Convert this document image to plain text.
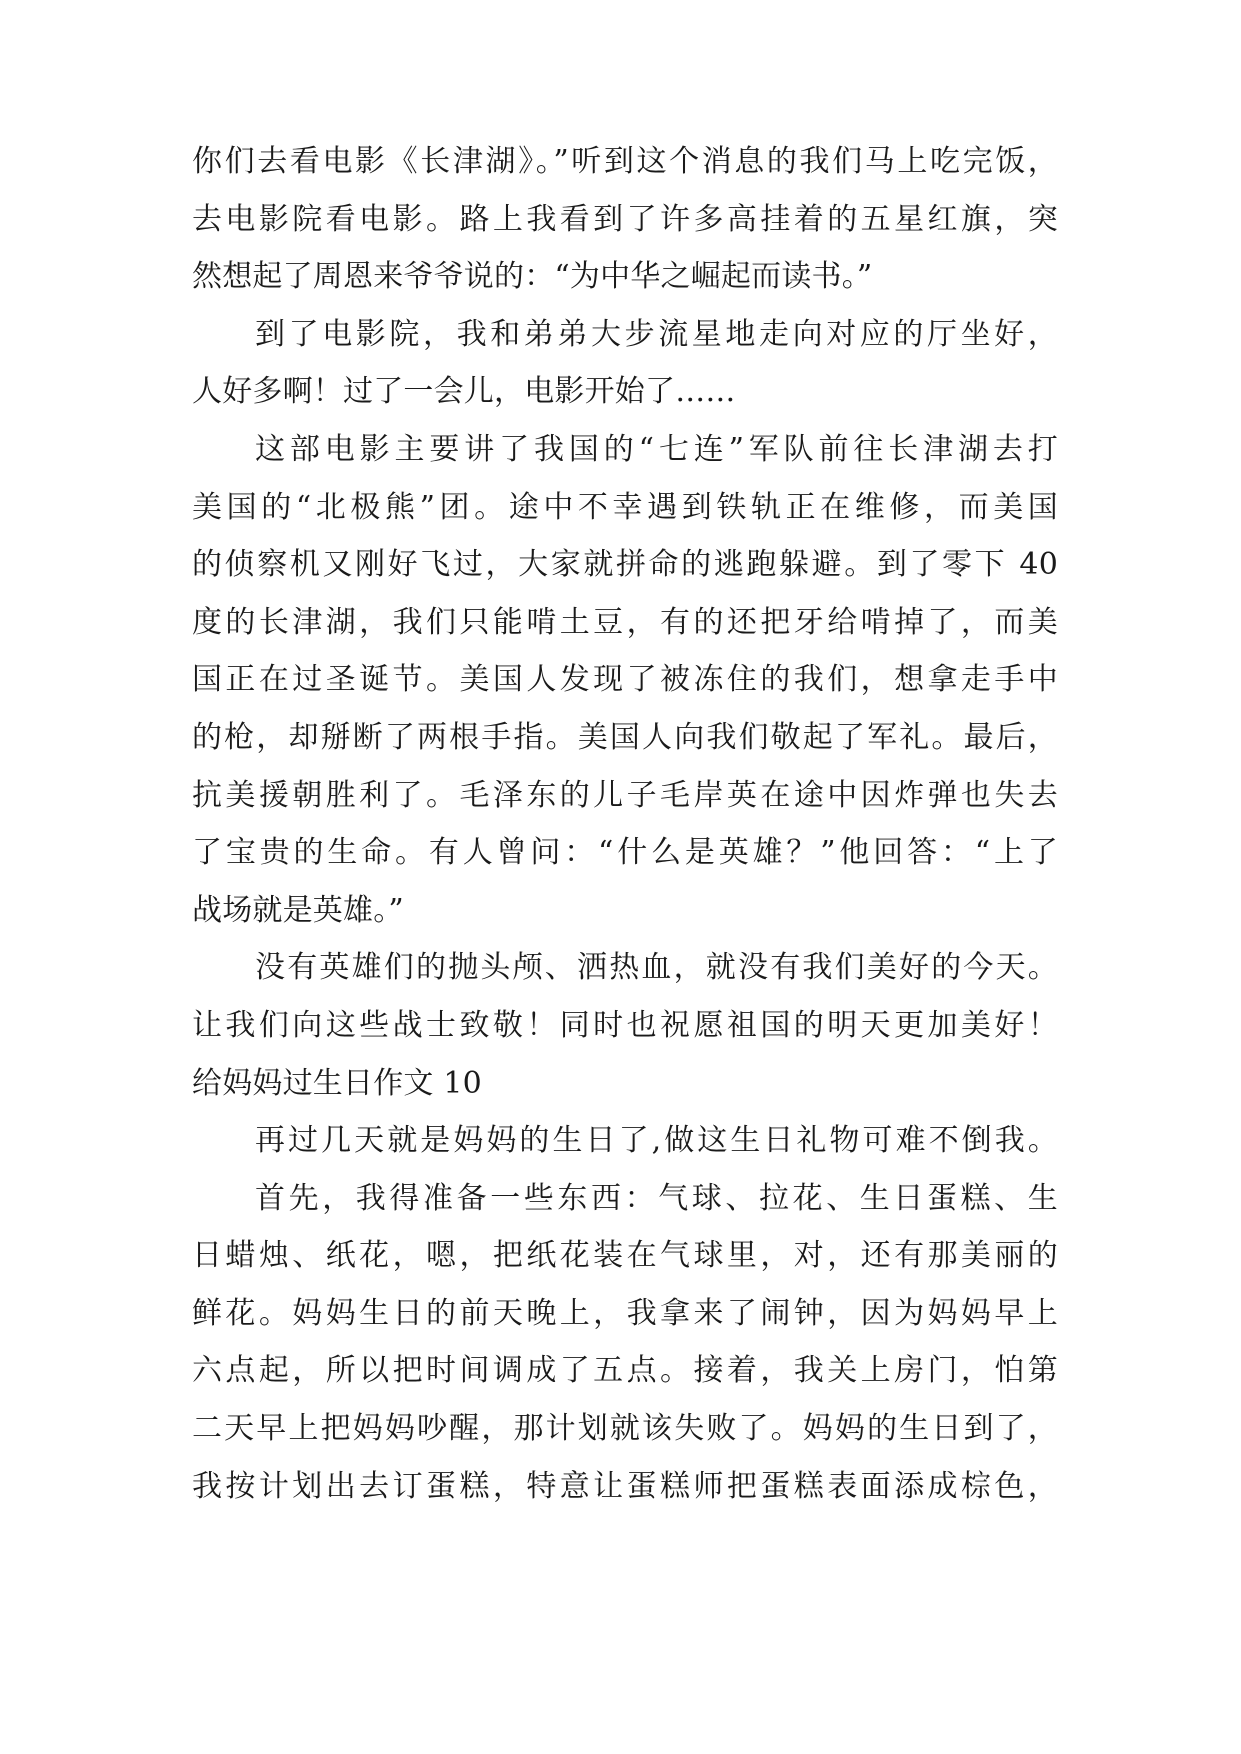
你们去看电影《长津湖》。”听到这个消息的我们马上吃完饭，
去电影院看电影。路上我看到了许多高挂着的五星红旗，突
然想起了周恩来爷爷说的：“为中华之崛起而读书。”
到了电影院，我和弟弟大步流星地走向对应的厅坐好，
人好多啊！过了一会儿，电影开始了……
这部电影主要讲了我国的“七连”军队前往长津湖去打
美国的“北极熊”团。途中不幸遇到铁轨正在维修，而美国
的侦察机又刚好飞过，大家就拼命的逃跑躲避。到了零下 40
度的长津湖，我们只能啃土豆，有的还把牙给啃掉了，而美
国正在过圣诞节。美国人发现了被冻住的我们，想拿走手中
的枪，却掰断了两根手指。美国人向我们敬起了军礼。最后，
抗美援朝胜利了。毛泽东的儿子毛岸英在途中因炸弹也失去
了宝贵的生命。有人曾问：“什么是英雄？”他回答：“上了
战场就是英雄。”
没有英雄们的抛头颅、洒热血，就没有我们美好的今天。
让我们向这些战士致敬！同时也祝愿祖国的明天更加美好！
给妈妈过生日作文 10
再过几天就是妈妈的生日了,做这生日礼物可难不倒我。
首先，我得准备一些东西：气球、拉花、生日蛋糕、生
日蜡烛、纸花，嗯，把纸花装在气球里，对，还有那美丽的
鲜花。妈妈生日的前天晚上，我拿来了闹钟，因为妈妈早上
六点起，所以把时间调成了五点。接着，我关上房门，怕第
二天早上把妈妈吵醒，那计划就该失败了。妈妈的生日到了，
我按计划出去订蛋糕，特意让蛋糕师把蛋糕表面添成棕色，
